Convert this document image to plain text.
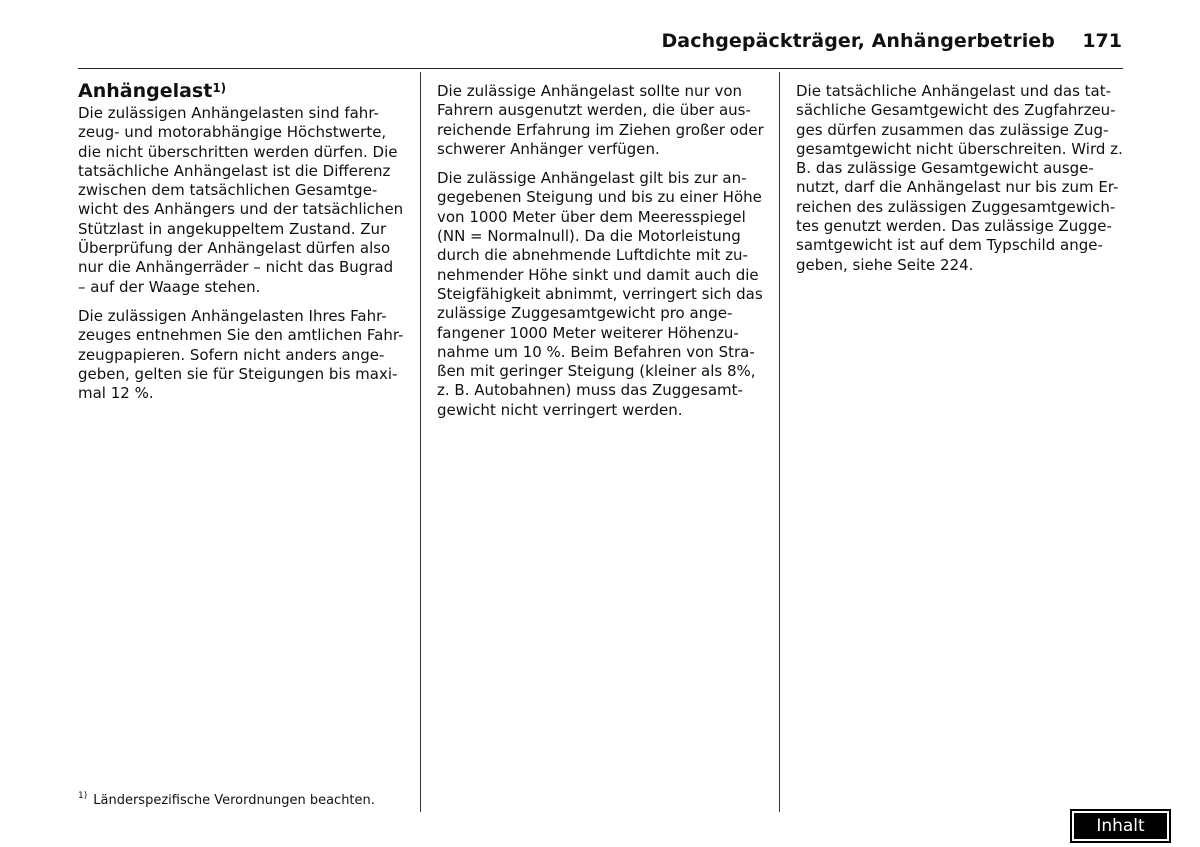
Dachgepäckträger, Anhängerbetrieb 171
Anhängelast$^{1)}$
Die zulässigen Anhängelasten sind fahr-
zeug- und motorabhängige Höchstwerte,
die nicht überschritten werden dürfen. Die
tatsächliche Anhängelast ist die Differenz
zwischen dem tatsächlichen Gesamtge-
wicht des Anhängers und der tatsächlichen
Stützlast in angekuppeltem Zustand. Zur
Überprüfung der Anhängelast dürfen also
nur die Anhängerräder – nicht das Bugrad
– auf der Waage stehen.
Die zulässigen Anhängelasten Ihres Fahr-
zeuges entnehmen Sie den amtlichen Fahr-
zeugpapieren. Sofern nicht anders ange-
geben, gelten sie für Steigungen bis maxi-
mal 12 %.
Die zulässige Anhängelast sollte nur von
Fahrern ausgenutzt werden, die über aus-
reichende Erfahrung im Ziehen großer oder
schwerer Anhänger verfügen.
Die zulässige Anhängelast gilt bis zur an-
gegebenen Steigung und bis zu einer Höhe
von 1000 Meter über dem Meeresspiegel
(NN = Normalnull). Da die Motorleistung
durch die abnehmende Luftdichte mit zu-
nehmender Höhe sinkt und damit auch die
Steigfähigkeit abnimmt, verringert sich das
zulässige Zuggesamtgewicht pro ange-
fangener 1000 Meter weiterer Höhenzu-
nahme um 10 %. Beim Befahren von Stra-
ßen mit geringer Steigung (kleiner als 8%,
z. B. Autobahnen) muss das Zuggesamt-
gewicht nicht verringert werden.
Die tatsächliche Anhängelast und das tat-
sächliche Gesamtgewicht des Zugfahrzeu-
ges dürfen zusammen das zulässige Zug-
gesamtgewicht nicht überschreiten. Wird z.
B. das zulässige Gesamtgewicht ausge-
nutzt, darf die Anhängelast nur bis zum Er-
reichen des zulässigen Zuggesamtgewich-
tes genutzt werden. Das zulässige Zugge-
samtgewicht ist auf dem Typschild ange-
geben, siehe Seite 224.
$^{1)}$ Länderspezifische Verordnungen beachten.
Inhalt
